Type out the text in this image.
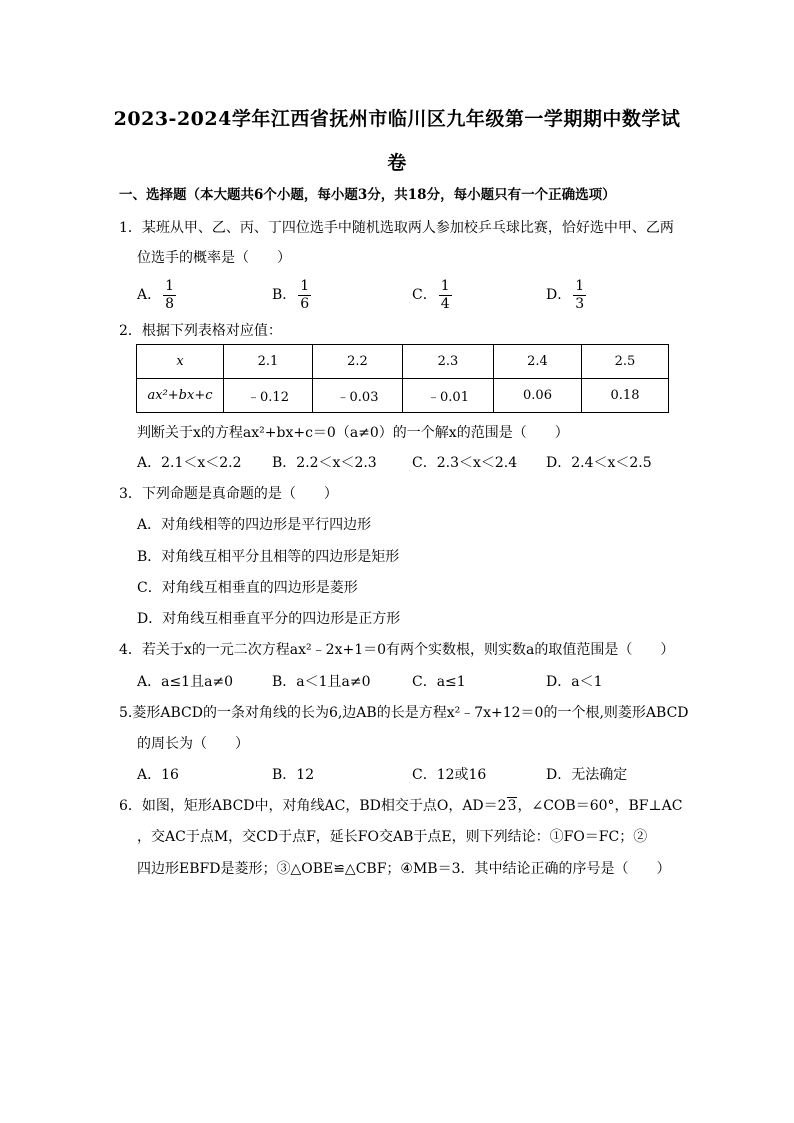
2023-2024学年江西省抚州市临川区九年级第一学期期中数学试
卷
一、选择题（本大题共6个小题，每小题3分，共18分，每小题只有一个正确选项）
1．某班从甲、乙、丙、丁四位选手中随机选取两人参加校乒乓球比赛，恰好选中甲、乙两
位选手的概率是（　　）
A． $\frac{1}{8}$	B． $\frac{1}{6}$	C． $\frac{1}{4}$	D． $\frac{1}{3}$
2．根据下列表格对应值：
x	2.1	2.2	2.3	2.4	2.5
ax²+bx+c	﹣0.12	﹣0.03	﹣0.01	0.06	0.18
判断关于x的方程ax²+bx+c＝0（a≠0）的一个解x的范围是（　　）
A．2.1＜x＜2.2 B．2.2＜x＜2.3	C．2.3＜x＜2.4 D．2.4＜x＜2.5
3．下列命题是真命题的是（　　）
A．对角线相等的四边形是平行四边形
B．对角线互相平分且相等的四边形是矩形
C．对角线互相垂直的四边形是菱形
D．对角线互相垂直平分的四边形是正方形
4．若关于x的一元二次方程ax²﹣2x+1＝0有两个实数根，则实数a的取值范围是（　　）
A．a≤1且a≠0	B．a＜1且a≠0	C．a≤1	D．a＜1
5.菱形ABCD的一条对角线的长为6,边AB的长是方程x²﹣7x+12＝0的一个根,则菱形ABCD
的周长为（　　）
A．16	B．12	C．12或16	D．无法确定
6．如图，矩形ABCD中，对角线AC，BD相交于点O，AD＝23，∠COB＝60°，BF⊥AC
，交AC于点M，交CD于点F，延长FO交AB于点E，则下列结论：①FO＝FC；②
四边形EBFD是菱形；③△OBE≌△CBF；④MB＝3．其中结论正确的序号是（　　）
